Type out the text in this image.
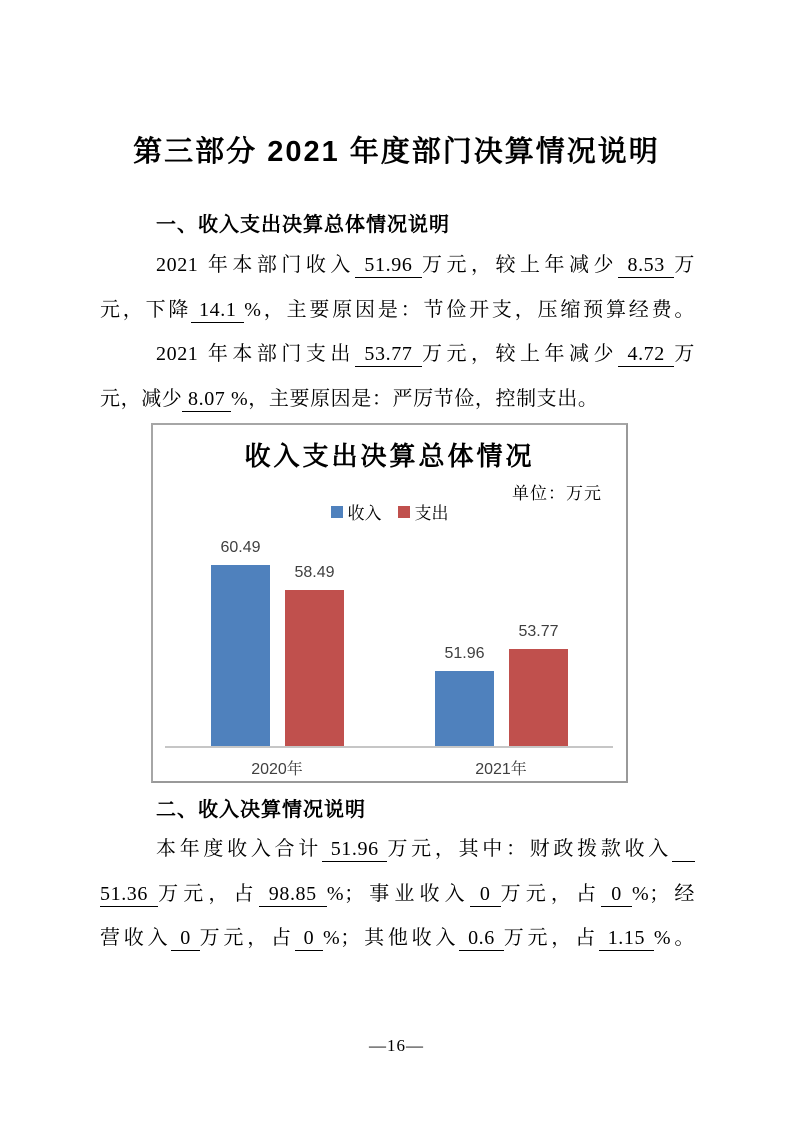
第三部分 2021 年度部门决算情况说明
一、收入支出决算总体情况说明
2021 年本部门收入 51.96 万元，较上年减少 8.53 万
元，下降 14.1 %，主要原因是：节俭开支，压缩预算经费。
2021 年本部门支出 53.77 万元，较上年减少 4.72 万
元，减少 8.07 %，主要原因是：严厉节俭，控制支出。
收入支出决算总体情况
单位：万元
收入 支出
2020年
60.49
58.49
2021年
51.96
53.77
二、收入决算情况说明
本年度收入合计 51.96 万元，其中：财政拨款收入
51.36 万元，占 98.85 %；事业收入 0 万元，占 0 %；经
营收入 0 万元，占 0 %；其他收入 0.6 万元，占 1.15 %。
—16—
